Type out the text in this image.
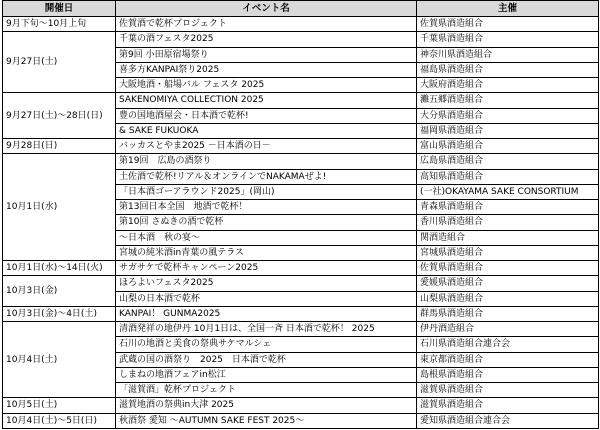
開催日	イベント名	主催
9月下旬～10月上旬	佐賀酒で乾杯プロジェクト	佐賀県酒造組合
9月27日(土)	千葉の酒フェスタ2025	千葉県酒造組合
	第9回 小田原宿場祭り	神奈川県酒造組合
	喜多方KANPAI祭り2025	福島県酒造組合
	大阪地酒・船場バル フェスタ 2025	大阪府酒造組合
9月27日(土)～28日(日)	SAKENOMIYA COLLECTION 2025	灘五郷酒造組合
	豊の国地酒屋会・日本酒で乾杯!	大分県酒造組合
	& SAKE FUKUOKA	福岡県酒造組合
9月28日(日)	バッカスとやま2025 －日本酒の日－	富山県酒造組合
10月1日(水)	第19回　広島の酒祭り	広島県酒造組合
	土佐酒で乾杯!リアル＆オンラインでNAKAMAぜよ!	高知県酒造組合
	「日本酒ゴーアラウンド2025」(岡山)	(一社)OKAYAMA SAKE CONSORTIUM
	第13回日本全国　地酒で乾杯！	青森県酒造組合
	第10回 さぬきの酒で乾杯	香川県酒造組合
	～日本酒　秋の宴～	関酒造組合
	宮城の純米酒in青葉の風テラス	宮城県酒造組合
10月1日(水)～14日(火)	サガサケで乾杯キャンペーン2025	佐賀県酒造組合
10月3日(金)	ほろよいフェスタ2025	愛媛県酒造組合
	山梨の日本酒で乾杯	山梨県酒造組合
10月3日(金)～4日(土)	KANPAI！ GUNMA2025	群馬県酒造組合
10月4日(土)	清酒発祥の地伊丹 10月1日は、全国一斉 日本酒で乾杯！ 2025	伊丹酒造組合
	石川の地酒と美食の祭典サケマルシェ	石川県酒造組合連合会
	武蔵の国の酒祭り　2025　日本酒で乾杯	東京都酒造組合
	しまねの地酒フェアin松江	島根県酒造組合
	「滋賀酒」乾杯プロジェクト	滋賀県酒造組合
10月5日(土)	滋賀地酒の祭典in大津 2025	滋賀県酒造組合
10月4日(土)～5日(日)	秋酒祭 愛知 ～AUTUMN SAKE FEST 2025～	愛知県酒造組合連合会
